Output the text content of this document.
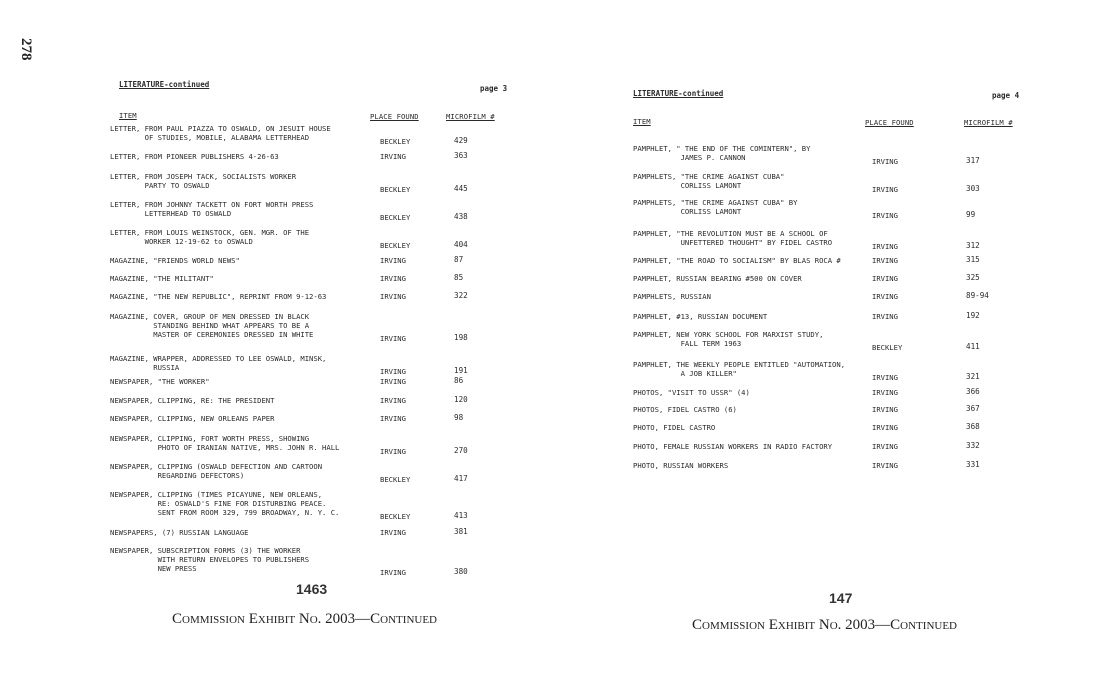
278
LITERATURE-continued	page 3
ITEM	PLACE FOUND	MICROFILM #
LETTER, FROM PAUL PIAZZA TO OSWALD, ON JESUIT HOUSE
OF STUDIES, MOBILE, ALABAMA LETTERHEAD	BECKLEY	429
LETTER, FROM PIONEER PUBLISHERS 4-26-63	IRVING	363
LETTER, FROM JOSEPH TACK, SOCIALISTS WORKER
PARTY TO OSWALD	BECKLEY	445
LETTER, FROM JOHNNY TACKETT ON FORT WORTH PRESS
LETTERHEAD TO OSWALD	BECKLEY	438
LETTER, FROM LOUIS WEINSTOCK, GEN. MGR. OF THE
WORKER 12-19-62 to OSWALD	BECKLEY	404
MAGAZINE, "FRIENDS WORLD NEWS"	IRVING	87
MAGAZINE, "THE MILITANT"	IRVING	85
MAGAZINE, "THE NEW REPUBLIC", REPRINT FROM 9-12-63	IRVING	322
MAGAZINE, COVER, GROUP OF MEN DRESSED IN BLACK
STANDING BEHIND WHAT APPEARS TO BE A
MASTER OF CEREMONIES DRESSED IN WHITE	IRVING	198
MAGAZINE, WRAPPER, ADDRESSED TO LEE OSWALD, MINSK,
RUSSIA	IRVING	191
NEWSPAPER, "THE WORKER"	IRVING	86
NEWSPAPER, CLIPPING, RE: THE PRESIDENT	IRVING	120
NEWSPAPER, CLIPPING, NEW ORLEANS PAPER	IRVING	98
NEWSPAPER, CLIPPING, FORT WORTH PRESS, SHOWING
PHOTO OF IRANIAN NATIVE, MRS. JOHN R. HALL	IRVING	270
NEWSPAPER, CLIPPING (OSWALD DEFECTION AND CARTOON
REGARDING DEFECTORS)	BECKLEY	417
NEWSPAPER, CLIPPING (TIMES PICAYUNE, NEW ORLEANS,
RE: OSWALD'S FINE FOR DISTURBING PEACE.
SENT FROM ROOM 329, 799 BROADWAY, N. Y. C.	BECKLEY	413
NEWSPAPERS, (7) RUSSIAN LANGUAGE	IRVING	381
NEWSPAPER, SUBSCRIPTION FORMS (3) THE WORKER
WITH RETURN ENVELOPES TO PUBLISHERS
NEW PRESS	IRVING	380
1463
Commission Exhibit No. 2003—Continued
LITERATURE-continued	page 4
ITEM	PLACE FOUND	MICROFILM #
PAMPHLET, " THE END OF THE COMINTERN", BY
JAMES P. CANNON	IRVING	317
PAMPHLETS, "THE CRIME AGAINST CUBA"
CORLISS LAMONT	IRVING	303
PAMPHLETS, "THE CRIME AGAINST CUBA" BY
CORLISS LAMONT	IRVING	99
PAMPHLET, "THE REVOLUTION MUST BE A SCHOOL OF
UNFETTERED THOUGHT" BY FIDEL CASTRO	IRVING	312
PAMPHLET, "THE ROAD TO SOCIALISM" BY BLAS ROCA #	IRVING	315
PAMPHLET, RUSSIAN BEARING #500 ON COVER	IRVING	325
PAMPHLETS, RUSSIAN	IRVING	89-94
PAMPHLET, #13, RUSSIAN DOCUMENT	IRVING	192
PAMPHLET, NEW YORK SCHOOL FOR MARXIST STUDY,
FALL TERM 1963	BECKLEY	411
PAMPHLET, THE WEEKLY PEOPLE ENTITLED "AUTOMATION,
A JOB KILLER"	IRVING	321
PHOTOS, "VISIT TO USSR" (4)	IRVING	366
PHOTOS, FIDEL CASTRO (6)	IRVING	367
PHOTO, FIDEL CASTRO	IRVING	368
PHOTO, FEMALE RUSSIAN WORKERS IN RADIO FACTORY	IRVING	332
PHOTO, RUSSIAN WORKERS	IRVING	331
147
Commission Exhibit No. 2003—Continued
